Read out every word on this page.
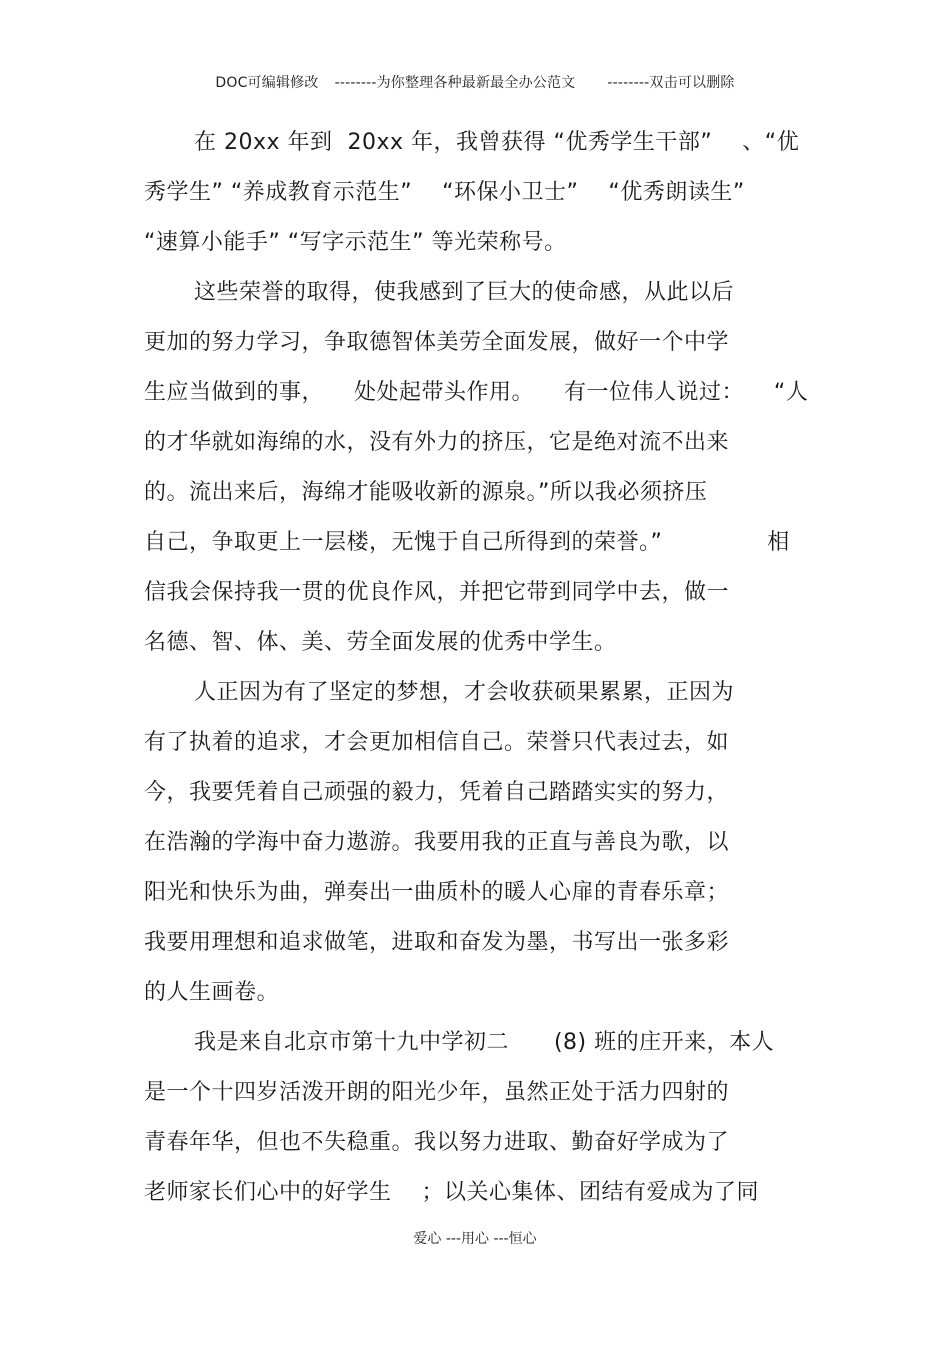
DOC可编辑修改 --------为你整理各种最新最全办公范文 --------双击可以删除
在 20xx 年到  20xx 年，我曾获得 “优秀学生干部”    、“优
秀学生” “养成教育示范生”    “环保小卫士”    “优秀朗读生”
“速算小能手” “写字示范生” 等光荣称号。
这些荣誉的取得，使我感到了巨大的使命感，从此以后
更加的努力学习，争取德智体美劳全面发展，做好一个中学
生应当做到的事，    处处起带头作用。    有一位伟人说过：    “人
的才华就如海绵的水，没有外力的挤压，它是绝对流不出来
的。流出来后，海绵才能吸收新的源泉。”所以我必须挤压
自己，争取更上一层楼，无愧于自己所得到的荣誉。”              相
信我会保持我一贯的优良作风，并把它带到同学中去，做一
名德、智、体、美、劳全面发展的优秀中学生。
人正因为有了坚定的梦想，才会收获硕果累累，正因为
有了执着的追求，才会更加相信自己。荣誉只代表过去，如
今，我要凭着自己顽强的毅力，凭着自己踏踏实实的努力，
在浩瀚的学海中奋力遨游。我要用我的正直与善良为歌，以
阳光和快乐为曲，弹奏出一曲质朴的暖人心扉的青春乐章；
我要用理想和追求做笔，进取和奋发为墨，书写出一张多彩
的人生画卷。
我是来自北京市第十九中学初二      (8) 班的庄开来，本人
是一个十四岁活泼开朗的阳光少年，虽然正处于活力四射的
青春年华，但也不失稳重。我以努力进取、勤奋好学成为了
老师家长们心中的好学生    ；以关心集体、团结有爱成为了同
爱心 ---用心 ---恒心
